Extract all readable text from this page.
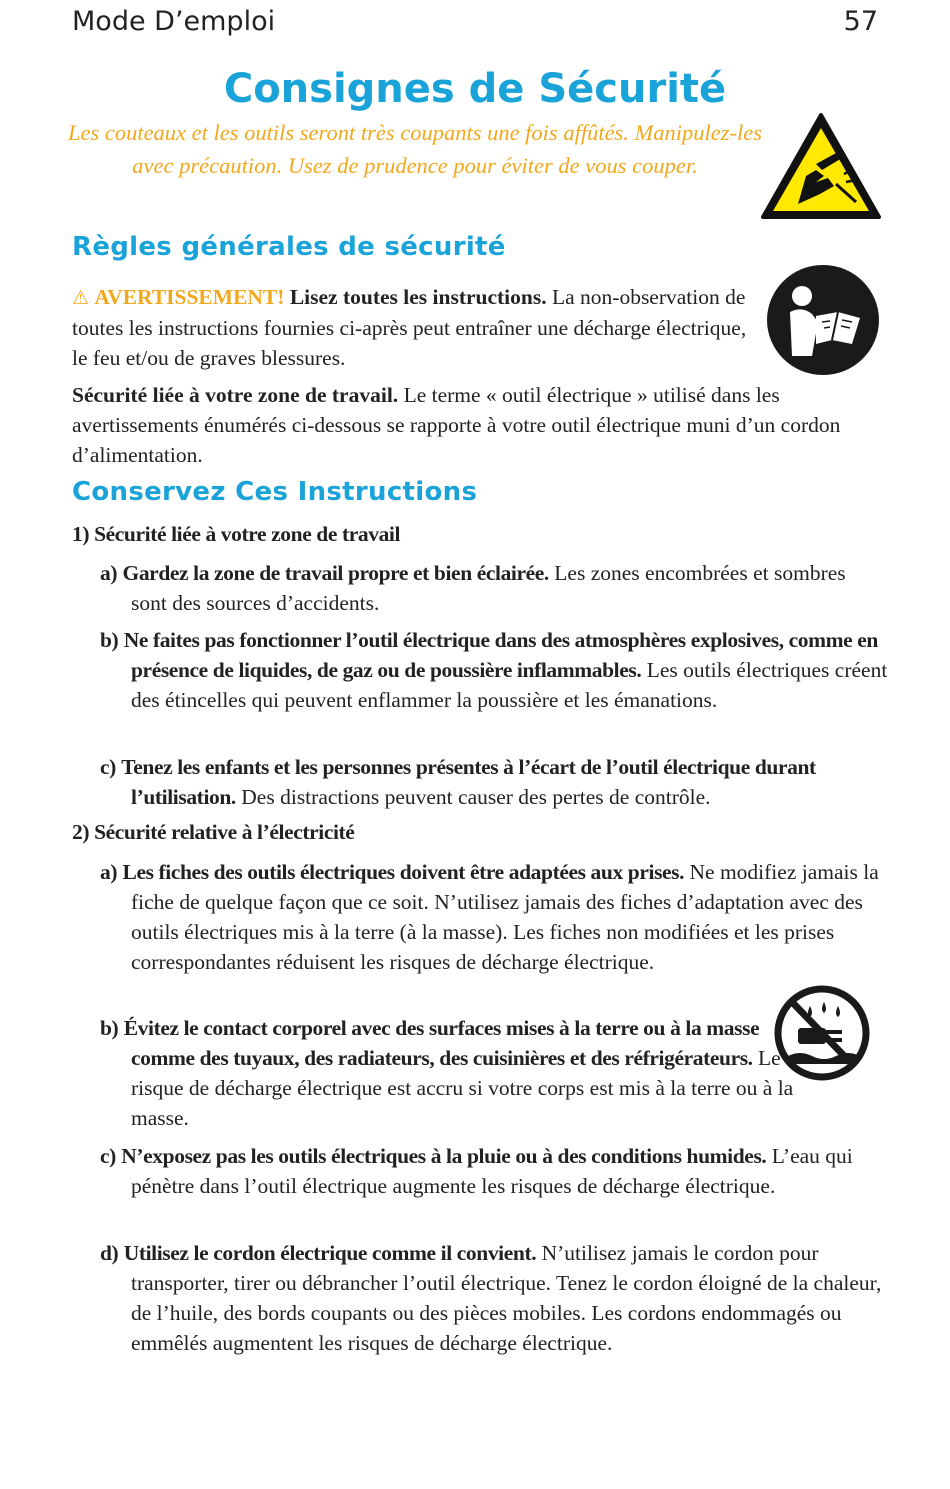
Mode D’emploi	57
Consignes de Sécurité
Les couteaux et les outils seront très coupants une fois affûtés. Manipulez-les avec précaution. Usez de prudence pour éviter de vous couper.
Règles générales de sécurité
⚠ AVERTISSEMENT! Lisez toutes les instructions. La non-observation de toutes les instructions fournies ci-après peut entraîner une décharge électrique, le feu et/ou de graves blessures.
Sécurité liée à votre zone de travail. Le terme « outil électrique » utilisé dans les avertissements énumérés ci-dessous se rapporte à votre outil électrique muni d’un cordon d’alimentation.
Conservez Ces Instructions
1) Sécurité liée à votre zone de travail
a) Gardez la zone de travail propre et bien éclairée. Les zones encombrées et sombres sont des sources d’accidents.
b) Ne faites pas fonctionner l’outil électrique dans des atmosphères explosives, comme en présence de liquides, de gaz ou de poussière inflammables. Les outils électriques créent des étincelles qui peuvent enflammer la poussière et les émanations.
c) Tenez les enfants et les personnes présentes à l’écart de l’outil électrique durant l’utilisation. Des distractions peuvent causer des pertes de contrôle.
2) Sécurité relative à l’électricité
a) Les fiches des outils électriques doivent être adaptées aux prises. Ne modifiez jamais la fiche de quelque façon que ce soit. N’utilisez jamais des fiches d’adaptation avec des outils électriques mis à la terre (à la masse). Les fiches non modifiées et les prises correspondantes réduisent les risques de décharge électrique.
b) Évitez le contact corporel avec des surfaces mises à la terre ou à la masse comme des tuyaux, des radiateurs, des cuisinières et des réfrigérateurs. Le risque de décharge électrique est accru si votre corps est mis à la terre ou à la masse.
c) N’exposez pas les outils électriques à la pluie ou à des conditions humides. L’eau qui pénètre dans l’outil électrique augmente les risques de décharge électrique.
d) Utilisez le cordon électrique comme il convient. N’utilisez jamais le cordon pour transporter, tirer ou débrancher l’outil électrique. Tenez le cordon éloigné de la chaleur, de l’huile, des bords coupants ou des pièces mobiles. Les cordons endommagés ou emmêlés augmentent les risques de décharge électrique.
